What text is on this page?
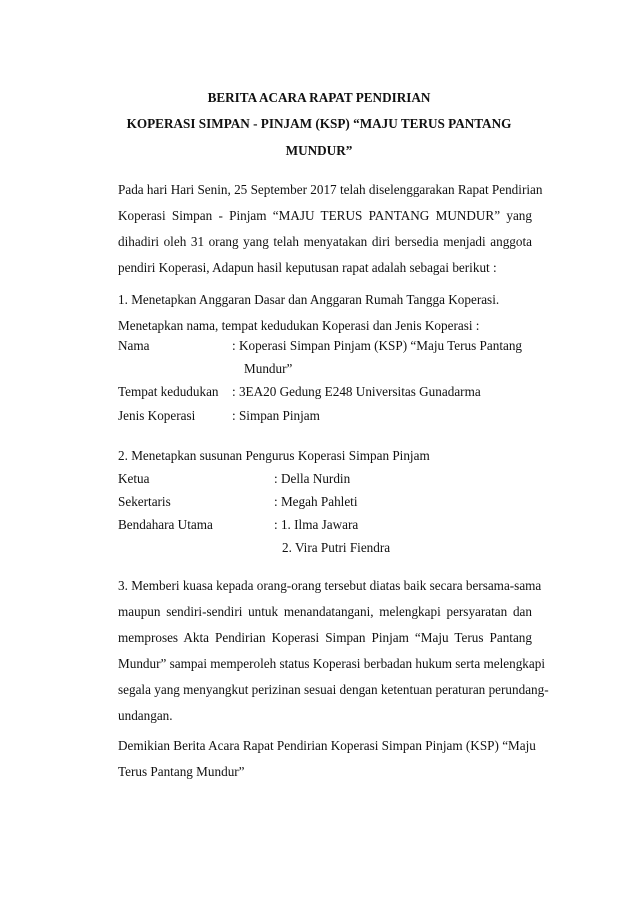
BERITA ACARA RAPAT PENDIRIAN
KOPERASI SIMPAN - PINJAM (KSP) “MAJU TERUS PANTANG
MUNDUR”
Pada hari Hari Senin, 25 September 2017 telah diselenggarakan Rapat Pendirian
Koperasi Simpan - Pinjam “MAJU TERUS PANTANG MUNDUR” yang
dihadiri oleh 31 orang yang telah menyatakan diri bersedia menjadi anggota
pendiri Koperasi, Adapun hasil keputusan rapat adalah sebagai berikut :
1. Menetapkan Anggaran Dasar dan Anggaran Rumah Tangga Koperasi.
Menetapkan nama, tempat kedudukan Koperasi dan Jenis Koperasi :
Nama	: Koperasi Simpan Pinjam (KSP) “Maju Terus Pantang
Mundur”
Tempat kedudukan : 3EA20 Gedung E248 Universitas Gunadarma
Jenis Koperasi	: Simpan Pinjam
2. Menetapkan susunan Pengurus Koperasi Simpan Pinjam
Ketua	: Della Nurdin
Sekertaris	: Megah Pahleti
Bendahara Utama	: 1. Ilma Jawara
2. Vira Putri Fiendra
3. Memberi kuasa kepada orang-orang tersebut diatas baik secara bersama-sama
maupun sendiri-sendiri untuk menandatangani, melengkapi persyaratan dan
memproses Akta Pendirian Koperasi Simpan Pinjam “Maju Terus Pantang
Mundur” sampai memperoleh status Koperasi berbadan hukum serta melengkapi
segala yang menyangkut perizinan sesuai dengan ketentuan peraturan perundang-
undangan.
Demikian Berita Acara Rapat Pendirian Koperasi Simpan Pinjam (KSP) “Maju
Terus Pantang Mundur”
